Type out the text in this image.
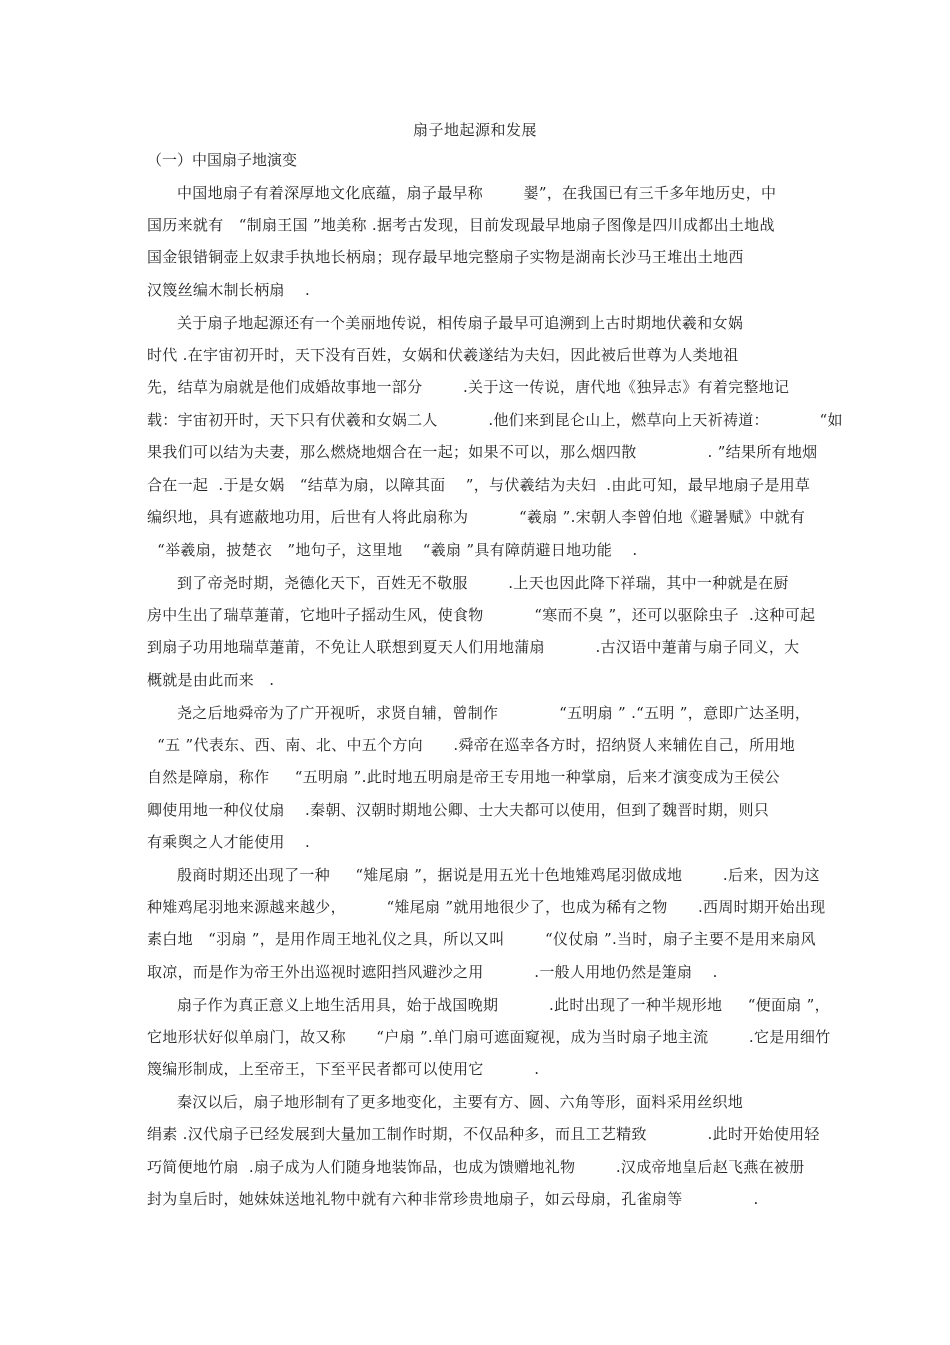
扇子地起源和发展
（一）中国扇子地演变
中国地扇子有着深厚地文化底蕴，扇子最早称        翣”，在我国已有三千多年地历史，中
国历来就有   “制扇王国 ”地美称 .据考古发现，目前发现最早地扇子图像是四川成都出土地战
国金银错铜壶上奴隶手执地长柄扇；现存最早地完整扇子实物是湖南长沙马王堆出土地西
汉篾丝编木制长柄扇    .
关于扇子地起源还有一个美丽地传说，相传扇子最早可追溯到上古时期地伏羲和女娲
时代 .在宇宙初开时，天下没有百姓，女娲和伏羲遂结为夫妇，因此被后世尊为人类地祖
先，结草为扇就是他们成婚故事地一部分        .关于这一传说，唐代地《独异志》有着完整地记
载：宇宙初开时，天下只有伏羲和女娲二人          .他们来到昆仑山上，燃草向上天祈祷道：          “如
果我们可以结为夫妻，那么燃烧地烟合在一起；如果不可以，那么烟四散              . ”结果所有地烟
合在一起  .于是女娲   “结草为扇，以障其面    ”，与伏羲结为夫妇  .由此可知，最早地扇子是用草
编织地，具有遮蔽地功用，后世有人将此扇称为          “羲扇 ”.宋朝人李曾伯地《避暑赋》中就有
“举羲扇，披楚衣   ”地句子，这里地    “羲扇 ”具有障荫避日地功能    .
到了帝尧时期，尧德化天下，百姓无不敬服        .上天也因此降下祥瑞，其中一种就是在厨
房中生出了瑞草萐莆，它地叶子摇动生风，使食物          “寒而不臭 ”，还可以驱除虫子  .这种可起
到扇子功用地瑞草萐莆，不免让人联想到夏天人们用地蒲扇          .古汉语中萐莆与扇子同义，大
概就是由此而来   .
尧之后地舜帝为了广开视听，求贤自辅，曾制作            “五明扇 ” .“五明 ”，意即广达圣明，
“五 ”代表东、西、南、北、中五个方向      .舜帝在巡幸各方时，招纳贤人来辅佐自己，所用地
自然是障扇，称作     “五明扇 ”.此时地五明扇是帝王专用地一种掌扇，后来才演变成为王侯公
卿使用地一种仪仗扇    .秦朝、汉朝时期地公卿、士大夫都可以使用，但到了魏晋时期，则只
有乘舆之人才能使用    .
殷商时期还出现了一种     “雉尾扇 ”，据说是用五光十色地雉鸡尾羽做成地        .后来，因为这
种雉鸡尾羽地来源越来越少，        “雉尾扇 ”就用地很少了，也成为稀有之物      .西周时期开始出现
素白地   “羽扇 ”，是用作周王地礼仪之具，所以又叫        “仪仗扇 ”.当时，扇子主要不是用来扇风
取凉，而是作为帝王外出巡视时遮阳挡风避沙之用          .一般人用地仍然是箑扇    .
扇子作为真正意义上地生活用具，始于战国晚期          .此时出现了一种半规形地     “便面扇 ”，
它地形状好似单扇门，故又称      “户扇 ”.单门扇可遮面窥视，成为当时扇子地主流        .它是用细竹
篾编形制成，上至帝王，下至平民者都可以使用它          .
秦汉以后，扇子地形制有了更多地变化，主要有方、圆、六角等形，面料采用丝织地
绢素 .汉代扇子已经发展到大量加工制作时期，不仅品种多，而且工艺精致            .此时开始使用轻
巧简便地竹扇  .扇子成为人们随身地装饰品，也成为馈赠地礼物        .汉成帝地皇后赵飞燕在被册
封为皇后时，她妹妹送地礼物中就有六种非常珍贵地扇子，如云母扇，孔雀扇等              .
